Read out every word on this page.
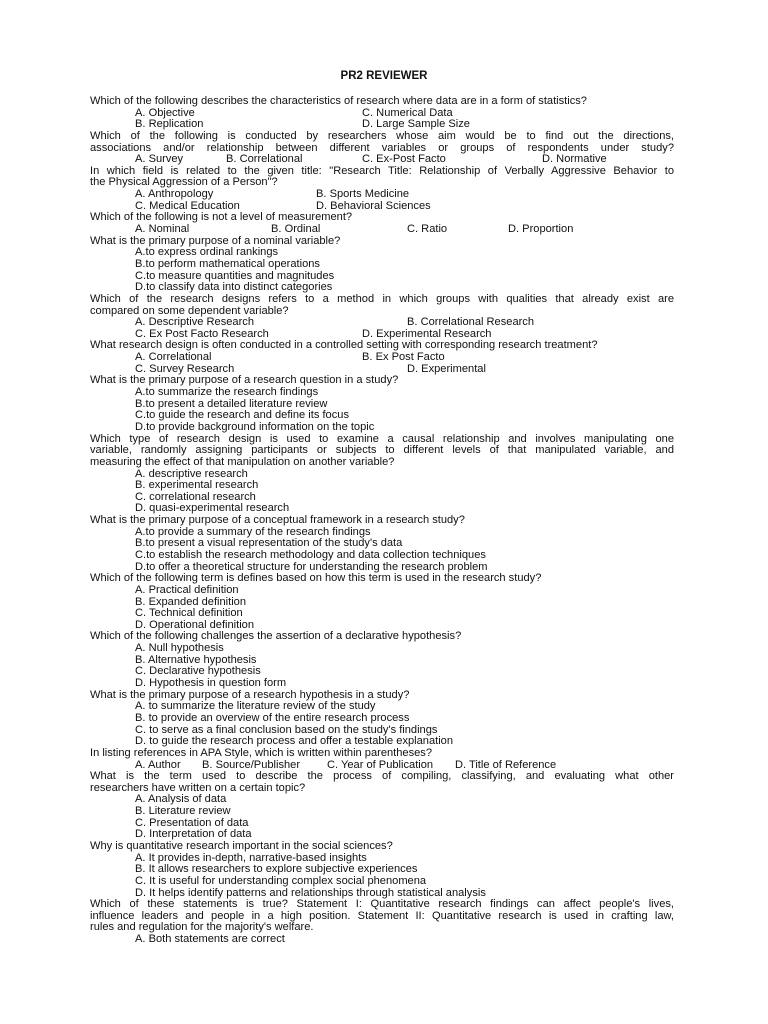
PR2 REVIEWER
Which of the following describes the characteristics of research where data are in a form of statistics?
A. Objective	C. Numerical Data
B. Replication	D. Large Sample Size
Which of the following is conducted by researchers whose aim would be to find out the directions,
associations and/or relationship between different variables or groups of respondents under study?
A. Survey	B. Correlational	C. Ex-Post Facto	D. Normative
In which field is related to the given title: "Research Title: Relationship of Verbally Aggressive Behavior to
the Physical Aggression of a Person"?
A. Anthropology	B. Sports Medicine
C. Medical Education	D. Behavioral Sciences
Which of the following is not a level of measurement?
A. Nominal	B. Ordinal	C. Ratio	D. Proportion
What is the primary purpose of a nominal variable?
A.to express ordinal rankings
B.to perform mathematical operations
C.to measure quantities and magnitudes
D.to classify data into distinct categories
Which of the research designs refers to a method in which groups with qualities that already exist are
compared on some dependent variable?
A. Descriptive Research	B. Correlational Research
C. Ex Post Facto Research	D. Experimental Research
What research design is often conducted in a controlled setting with corresponding research treatment?
A. Correlational	B. Ex Post Facto
C. Survey Research	D. Experimental
What is the primary purpose of a research question in a study?
A.to summarize the research findings
B.to present a detailed literature review
C.to guide the research and define its focus
D.to provide background information on the topic
Which type of research design is used to examine a causal relationship and involves manipulating one
variable, randomly assigning participants or subjects to different levels of that manipulated variable, and
measuring the effect of that manipulation on another variable?
A. descriptive research
B. experimental research
C. correlational research
D. quasi-experimental research
What is the primary purpose of a conceptual framework in a research study?
A.to provide a summary of the research findings
B.to present a visual representation of the study's data
C.to establish the research methodology and data collection techniques
D.to offer a theoretical structure for understanding the research problem
Which of the following term is defines based on how this term is used in the research study?
A. Practical definition
B. Expanded definition
C. Technical definition
D. Operational definition
Which of the following challenges the assertion of a declarative hypothesis?
A. Null hypothesis
B. Alternative hypothesis
C. Declarative hypothesis
D. Hypothesis in question form
What is the primary purpose of a research hypothesis in a study?
A. to summarize the literature review of the study
B. to provide an overview of the entire research process
C. to serve as a final conclusion based on the study's findings
D. to guide the research process and offer a testable explanation
In listing references in APA Style, which is written within parentheses?
A. Author B. Source/Publisher C. Year of Publication D. Title of Reference
What is the term used to describe the process of compiling, classifying, and evaluating what other
researchers have written on a certain topic?
A. Analysis of data
B. Literature review
C. Presentation of data
D. Interpretation of data
Why is quantitative research important in the social sciences?
A. It provides in-depth, narrative-based insights
B. It allows researchers to explore subjective experiences
C. It is useful for understanding complex social phenomena
D. It helps identify patterns and relationships through statistical analysis
Which of these statements is true? Statement I: Quantitative research findings can affect people's lives,
influence leaders and people in a high position. Statement II: Quantitative research is used in crafting law,
rules and regulation for the majority's welfare.
A. Both statements are correct
